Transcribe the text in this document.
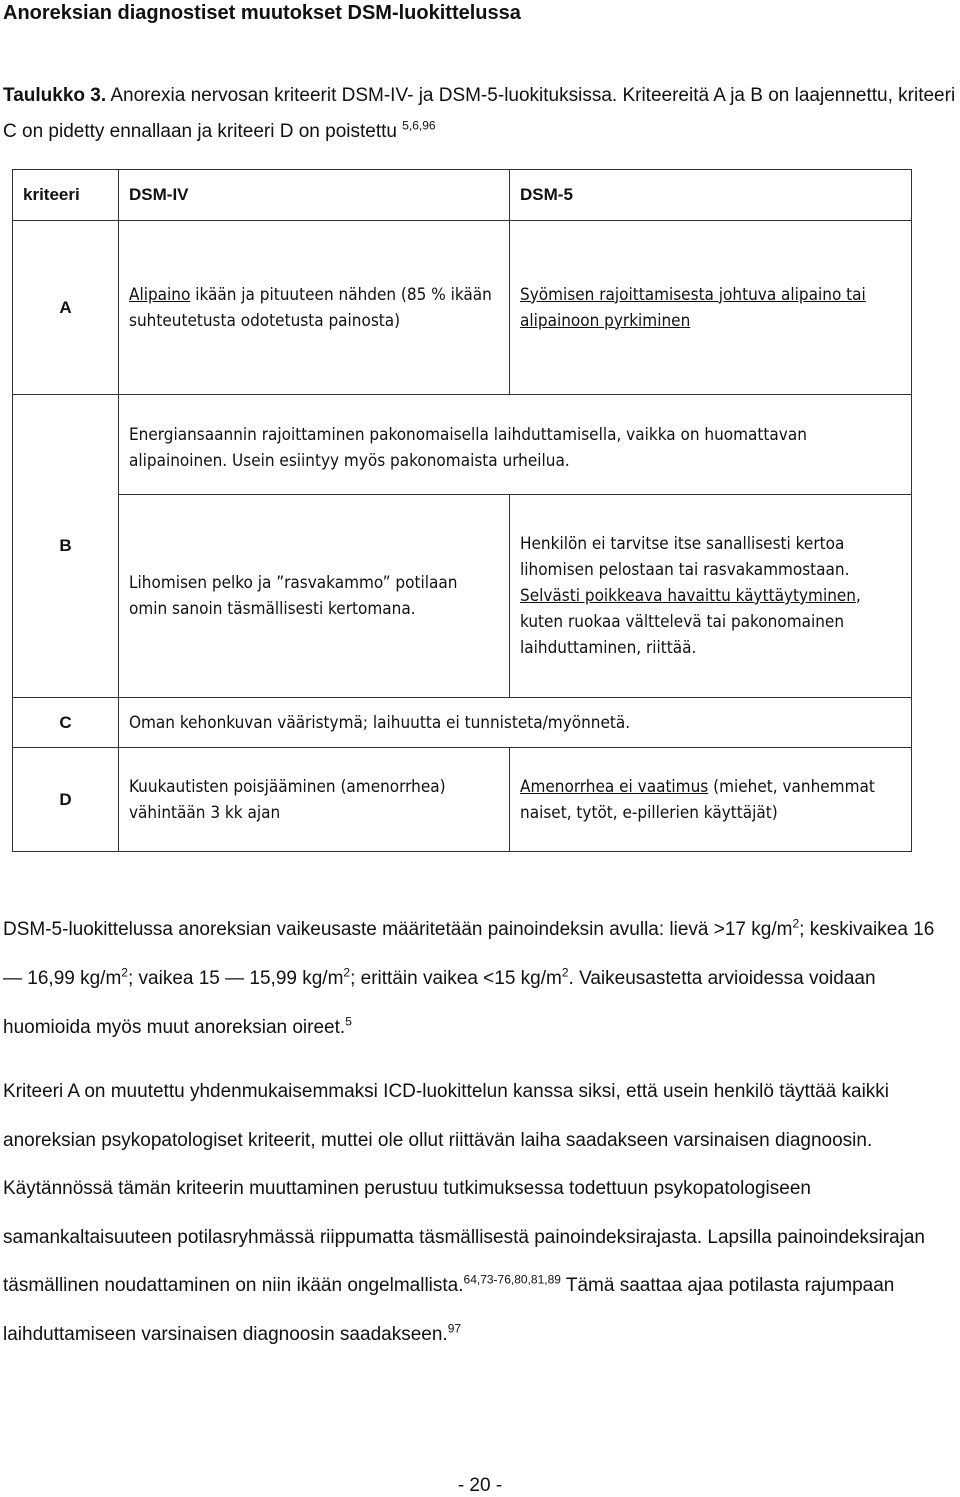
Anoreksian diagnostiset muutokset DSM-luokittelussa
Taulukko 3. Anorexia nervosan kriteerit DSM-IV- ja DSM-5-luokituksissa. Kriteereitä A ja B on laajennettu, kriteeri C on pidetty ennallaan ja kriteeri D on poistettu $^{5,6,96}$
kriteeri	DSM-IV	DSM-5
A	Alipaino ikään ja pituuteen nähden (85 % ikään suhteutetusta odotetusta painosta)	Syömisen rajoittamisesta johtuva alipaino tai alipainoon pyrkiminen
B	Energiansaannin rajoittaminen pakonomaisella laihduttamisella, vaikka on huomattavan alipainoinen. Usein esiintyy myös pakonomaista urheilua.	
	Lihomisen pelko ja ”rasvakammo” potilaan omin sanoin täsmällisesti kertomana.	Henkilön ei tarvitse itse sanallisesti kertoa lihomisen pelostaan tai rasvakammostaan. Selvästi poikkeava havaittu käyttäytyminen, kuten ruokaa välttelevä tai pakonomainen laihduttaminen, riittää.
C	Oman kehonkuvan vääristymä; laihuutta ei tunnisteta/myönnetä.	
D	Kuukautisten poisjääminen (amenorrhea) vähintään 3 kk ajan	Amenorrhea ei vaatimus (miehet, vanhemmat naiset, tytöt, e-pillerien käyttäjät)
DSM-5-luokittelussa anoreksian vaikeusaste määritetään painoindeksin avulla: lievä >17 $kg/m^2$; keskivaikea 16 — 16,99 $kg/m^2$; vaikea 15 — 15,99 $kg/m^2$; erittäin vaikea <15 $kg/m^2$. Vaikeusastetta arvioidessa voidaan huomioida myös muut anoreksian oireet.$^5$
Kriteeri A on muutettu yhdenmukaisemmaksi ICD-luokittelun kanssa siksi, että usein henkilö täyttää kaikki anoreksian psykopatologiset kriteerit, muttei ole ollut riittävän laiha saadakseen varsinaisen diagnoosin. Käytännössä tämän kriteerin muuttaminen perustuu tutkimuksessa todettuun psykopatologiseen samankaltaisuuteen potilasryhmässä riippumatta täsmällisestä painoindeksirajasta. Lapsilla painoindeksirajan täsmällinen noudattaminen on niin ikään ongelmallista.$^{64,73-76,80,81,89}$ Tämä saattaa ajaa potilasta rajumpaan laihduttamiseen varsinaisen diagnoosin saadakseen.$^{97}$
- 20 -
